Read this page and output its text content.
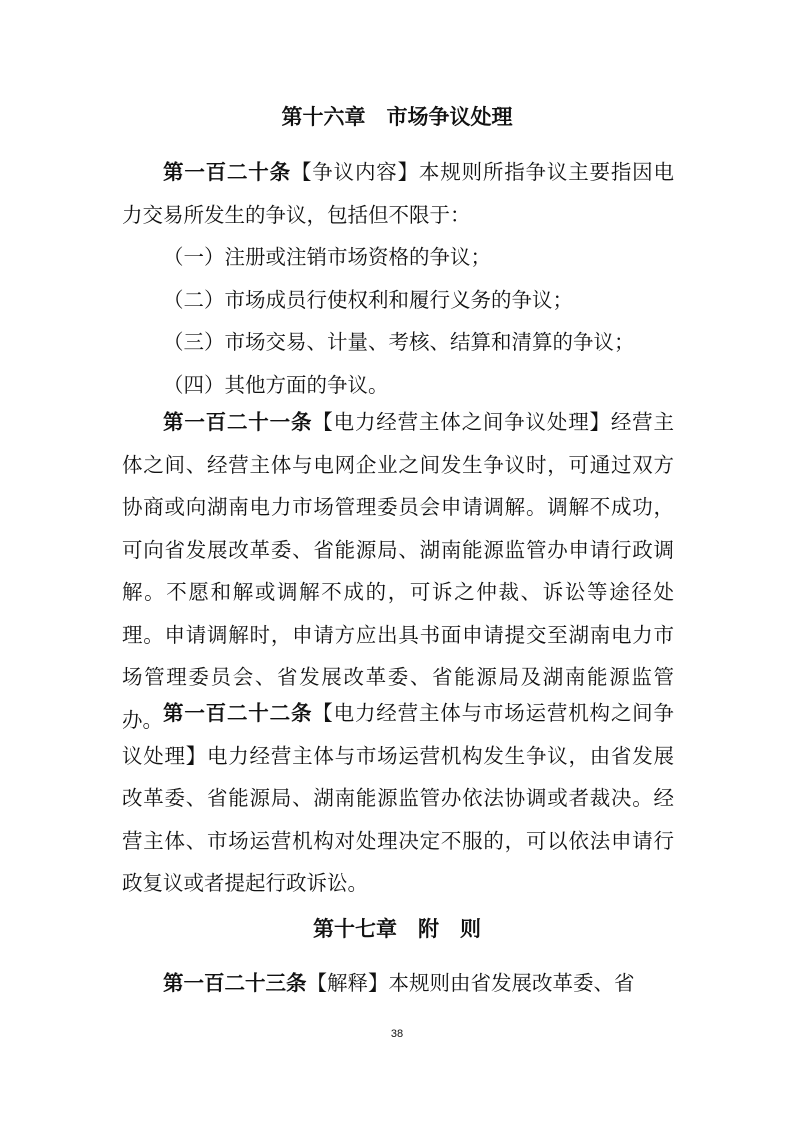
第十六章　市场争议处理

第一百二十条【争议内容】本规则所指争议主要指因电力交易所发生的争议，包括但不限于：

（一）注册或注销市场资格的争议；

（二）市场成员行使权利和履行义务的争议；

（三）市场交易、计量、考核、结算和清算的争议；

（四）其他方面的争议。

第一百二十一条【电力经营主体之间争议处理】经营主体之间、经营主体与电网企业之间发生争议时，可通过双方协商或向湖南电力市场管理委员会申请调解。调解不成功，可向省发展改革委、省能源局、湖南能源监管办申请行政调解。不愿和解或调解不成的，可诉之仲裁、诉讼等途径处理。申请调解时，申请方应出具书面申请提交至湖南电力市场管理委员会、省发展改革委、省能源局及湖南能源监管办。 第一百二十二条【电力经营主体与市场运营机构之间争议处理】电力经营主体与市场运营机构发生争议，由省发展改革委、省能源局、湖南能源监管办依法协调或者裁决。经营主体、市场运营机构对处理决定不服的，可以依法申请行政复议或者提起行政诉讼。

第十七章　附　则

第一百二十三条【解释】本规则由省发展改革委、省

38
